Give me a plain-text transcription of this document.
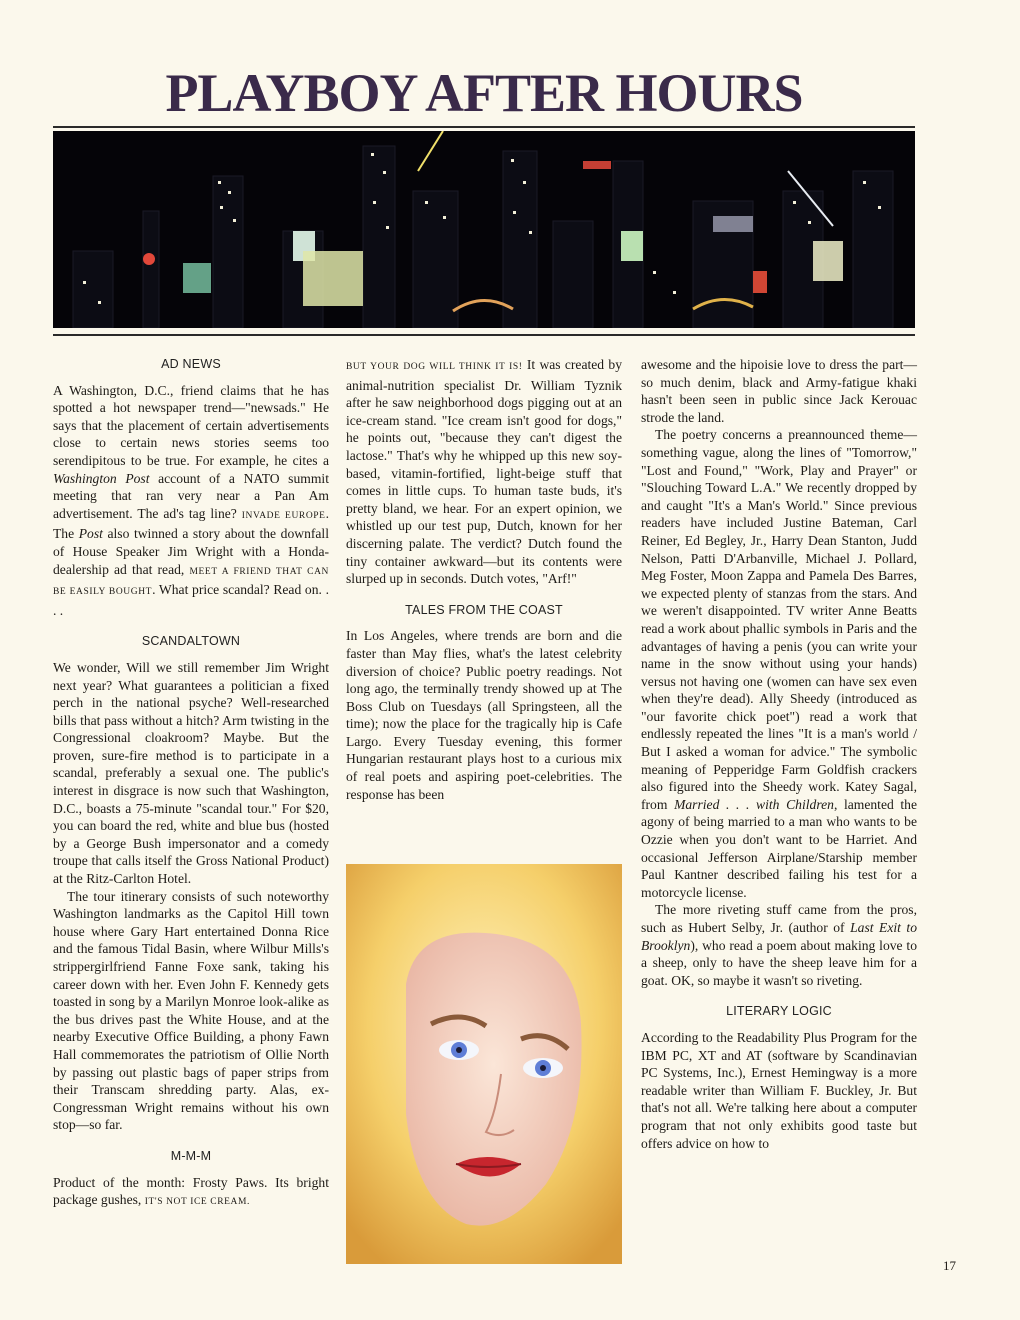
PLAYBOY AFTER HOURS
AD NEWS

A Washington, D.C., friend claims that he has spotted a hot newspaper trend—"newsads." He says that the placement of certain advertisements close to certain news stories seems too serendipitous to be true. For example, he cites a Washington Post account of a NATO summit meeting that ran very near a Pan Am advertisement. The ad's tag line? INVADE EUROPE. The Post also twinned a story about the downfall of House Speaker Jim Wright with a Honda-dealership ad that read, MEET A FRIEND THAT CAN BE EASILY BOUGHT. What price scandal? Read on. . . .

SCANDALTOWN

We wonder, Will we still remember Jim Wright next year? What guarantees a politician a fixed perch in the national psyche? Well-researched bills that pass without a hitch? Arm twisting in the Congressional cloakroom? Maybe. But the proven, sure-fire method is to participate in a scandal, preferably a sexual one. The public's interest in disgrace is now such that Washington, D.C., boasts a 75-minute "scandal tour." For $20, you can board the red, white and blue bus (hosted by a George Bush impersonator and a comedy troupe that calls itself the Gross National Product) at the Ritz-Carlton Hotel.

The tour itinerary consists of such noteworthy Washington landmarks as the Capitol Hill town house where Gary Hart entertained Donna Rice and the famous Tidal Basin, where Wilbur Mills's strippergirlfriend Fanne Foxe sank, taking his career down with her. Even John F. Kennedy gets toasted in song by a Marilyn Monroe look-alike as the bus drives past the White House, and at the nearby Executive Office Building, a phony Fawn Hall commemorates the patriotism of Ollie North by passing out plastic bags of paper strips from their Transcam shredding party. Alas, ex-Congressman Wright remains without his own stop—so far.

M-M-M

Product of the month: Frosty Paws. Its bright package gushes, IT'S NOT ICE CREAM.

BUT YOUR DOG WILL THINK IT IS! It was created by animal-nutrition specialist Dr. William Tyznik after he saw neighborhood dogs pigging out at an ice-cream stand. "Ice cream isn't good for dogs," he points out, "because they can't digest the lactose." That's why he whipped up this new soy-based, vitamin-fortified, light-beige stuff that comes in little cups. To human taste buds, it's pretty bland, we hear. For an expert opinion, we whistled up our test pup, Dutch, known for her discerning palate. The verdict? Dutch found the tiny container awkward—but its contents were slurped up in seconds. Dutch votes, "Arf!"

TALES FROM THE COAST

In Los Angeles, where trends are born and die faster than May flies, what's the latest celebrity diversion of choice? Public poetry readings. Not long ago, the terminally trendy showed up at The Boss Club on Tuesdays (all Springsteen, all the time); now the place for the tragically hip is Cafe Largo. Every Tuesday evening, this former Hungarian restaurant plays host to a curious mix of real poets and aspiring poet-celebrities. The response has been

awesome and the hipoisie love to dress the part—so much denim, black and Army-fatigue khaki hasn't been seen in public since Jack Kerouac strode the land.

The poetry concerns a preannounced theme—something vague, along the lines of "Tomorrow," "Lost and Found," "Work, Play and Prayer" or "Slouching Toward L.A." We recently dropped by and caught "It's a Man's World." Since previous readers have included Justine Bateman, Carl Reiner, Ed Begley, Jr., Harry Dean Stanton, Judd Nelson, Patti D'Arbanville, Michael J. Pollard, Meg Foster, Moon Zappa and Pamela Des Barres, we expected plenty of stanzas from the stars. And we weren't disappointed. TV writer Anne Beatts read a work about phallic symbols in Paris and the advantages of having a penis (you can write your name in the snow without using your hands) versus not having one (women can have sex even when they're dead). Ally Sheedy (introduced as "our favorite chick poet") read a work that endlessly repeated the lines "It is a man's world / But I asked a woman for advice." The symbolic meaning of Pepperidge Farm Goldfish crackers also figured into the Sheedy work. Katey Sagal, from Married . . . with Children, lamented the agony of being married to a man who wants to be Ozzie when you don't want to be Harriet. And occasional Jefferson Airplane/Starship member Paul Kantner described failing his test for a motorcycle license.

The more riveting stuff came from the pros, such as Hubert Selby, Jr. (author of Last Exit to Brooklyn), who read a poem about making love to a sheep, only to have the sheep leave him for a goat. OK, so maybe it wasn't so riveting.

LITERARY LOGIC

According to the Readability Plus Program for the IBM PC, XT and AT (software by Scandinavian PC Systems, Inc.), Ernest Hemingway is a more readable writer than William F. Buckley, Jr. But that's not all. We're talking here about a computer program that not only exhibits good taste but offers advice on how to

17
